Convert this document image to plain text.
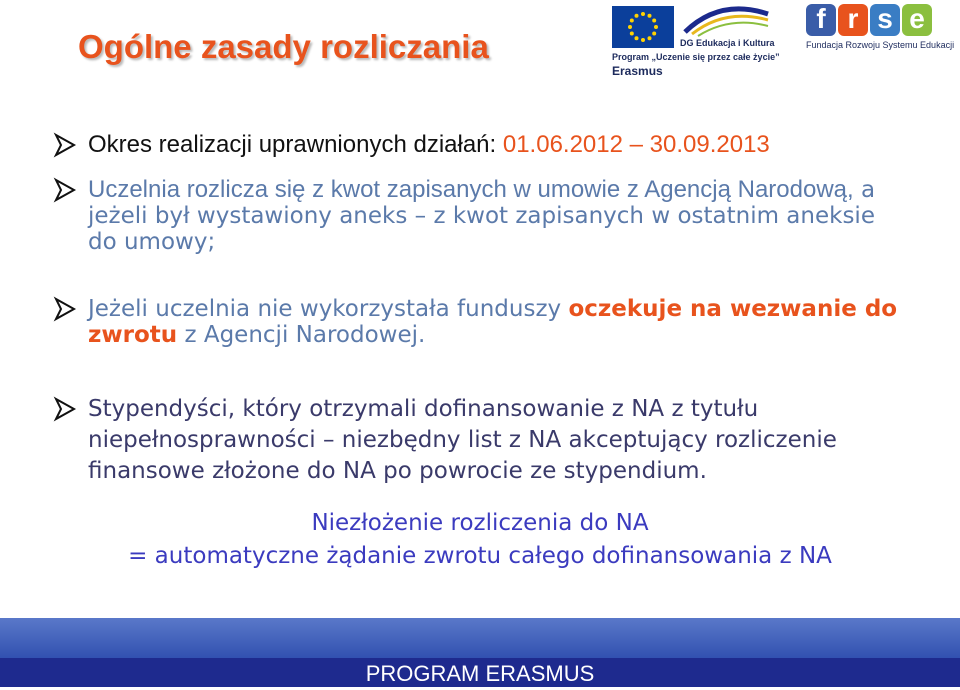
Ogólne zasady rozliczania	DG Edukacja i Kultura
Program „Uczenie się przez całe życie”
Erasmus
f r s e
Fundacja Rozwoju Systemu Edukacji
Okres realizacji uprawnionych działań: 01.06.2012 – 30.09.2013
Uczelnia rozlicza się z kwot zapisanych w umowie z Agencją Narodową, a jeżeli był wystawiony aneks – z kwot zapisanych w ostatnim aneksie do umowy;
Jeżeli uczelnia nie wykorzystała funduszy oczekuje na wezwanie do zwrotu z Agencji Narodowej.
Stypendyści, który otrzymali dofinansowanie z NA z tytułu niepełnosprawności – niezbędny list z NA akceptujący rozliczenie finansowe złożone do NA po powrocie ze stypendium.
Niezłożenie rozliczenia do NA
= automatyczne żądanie zwrotu całego dofinansowania z NA
PROGRAM ERASMUS
